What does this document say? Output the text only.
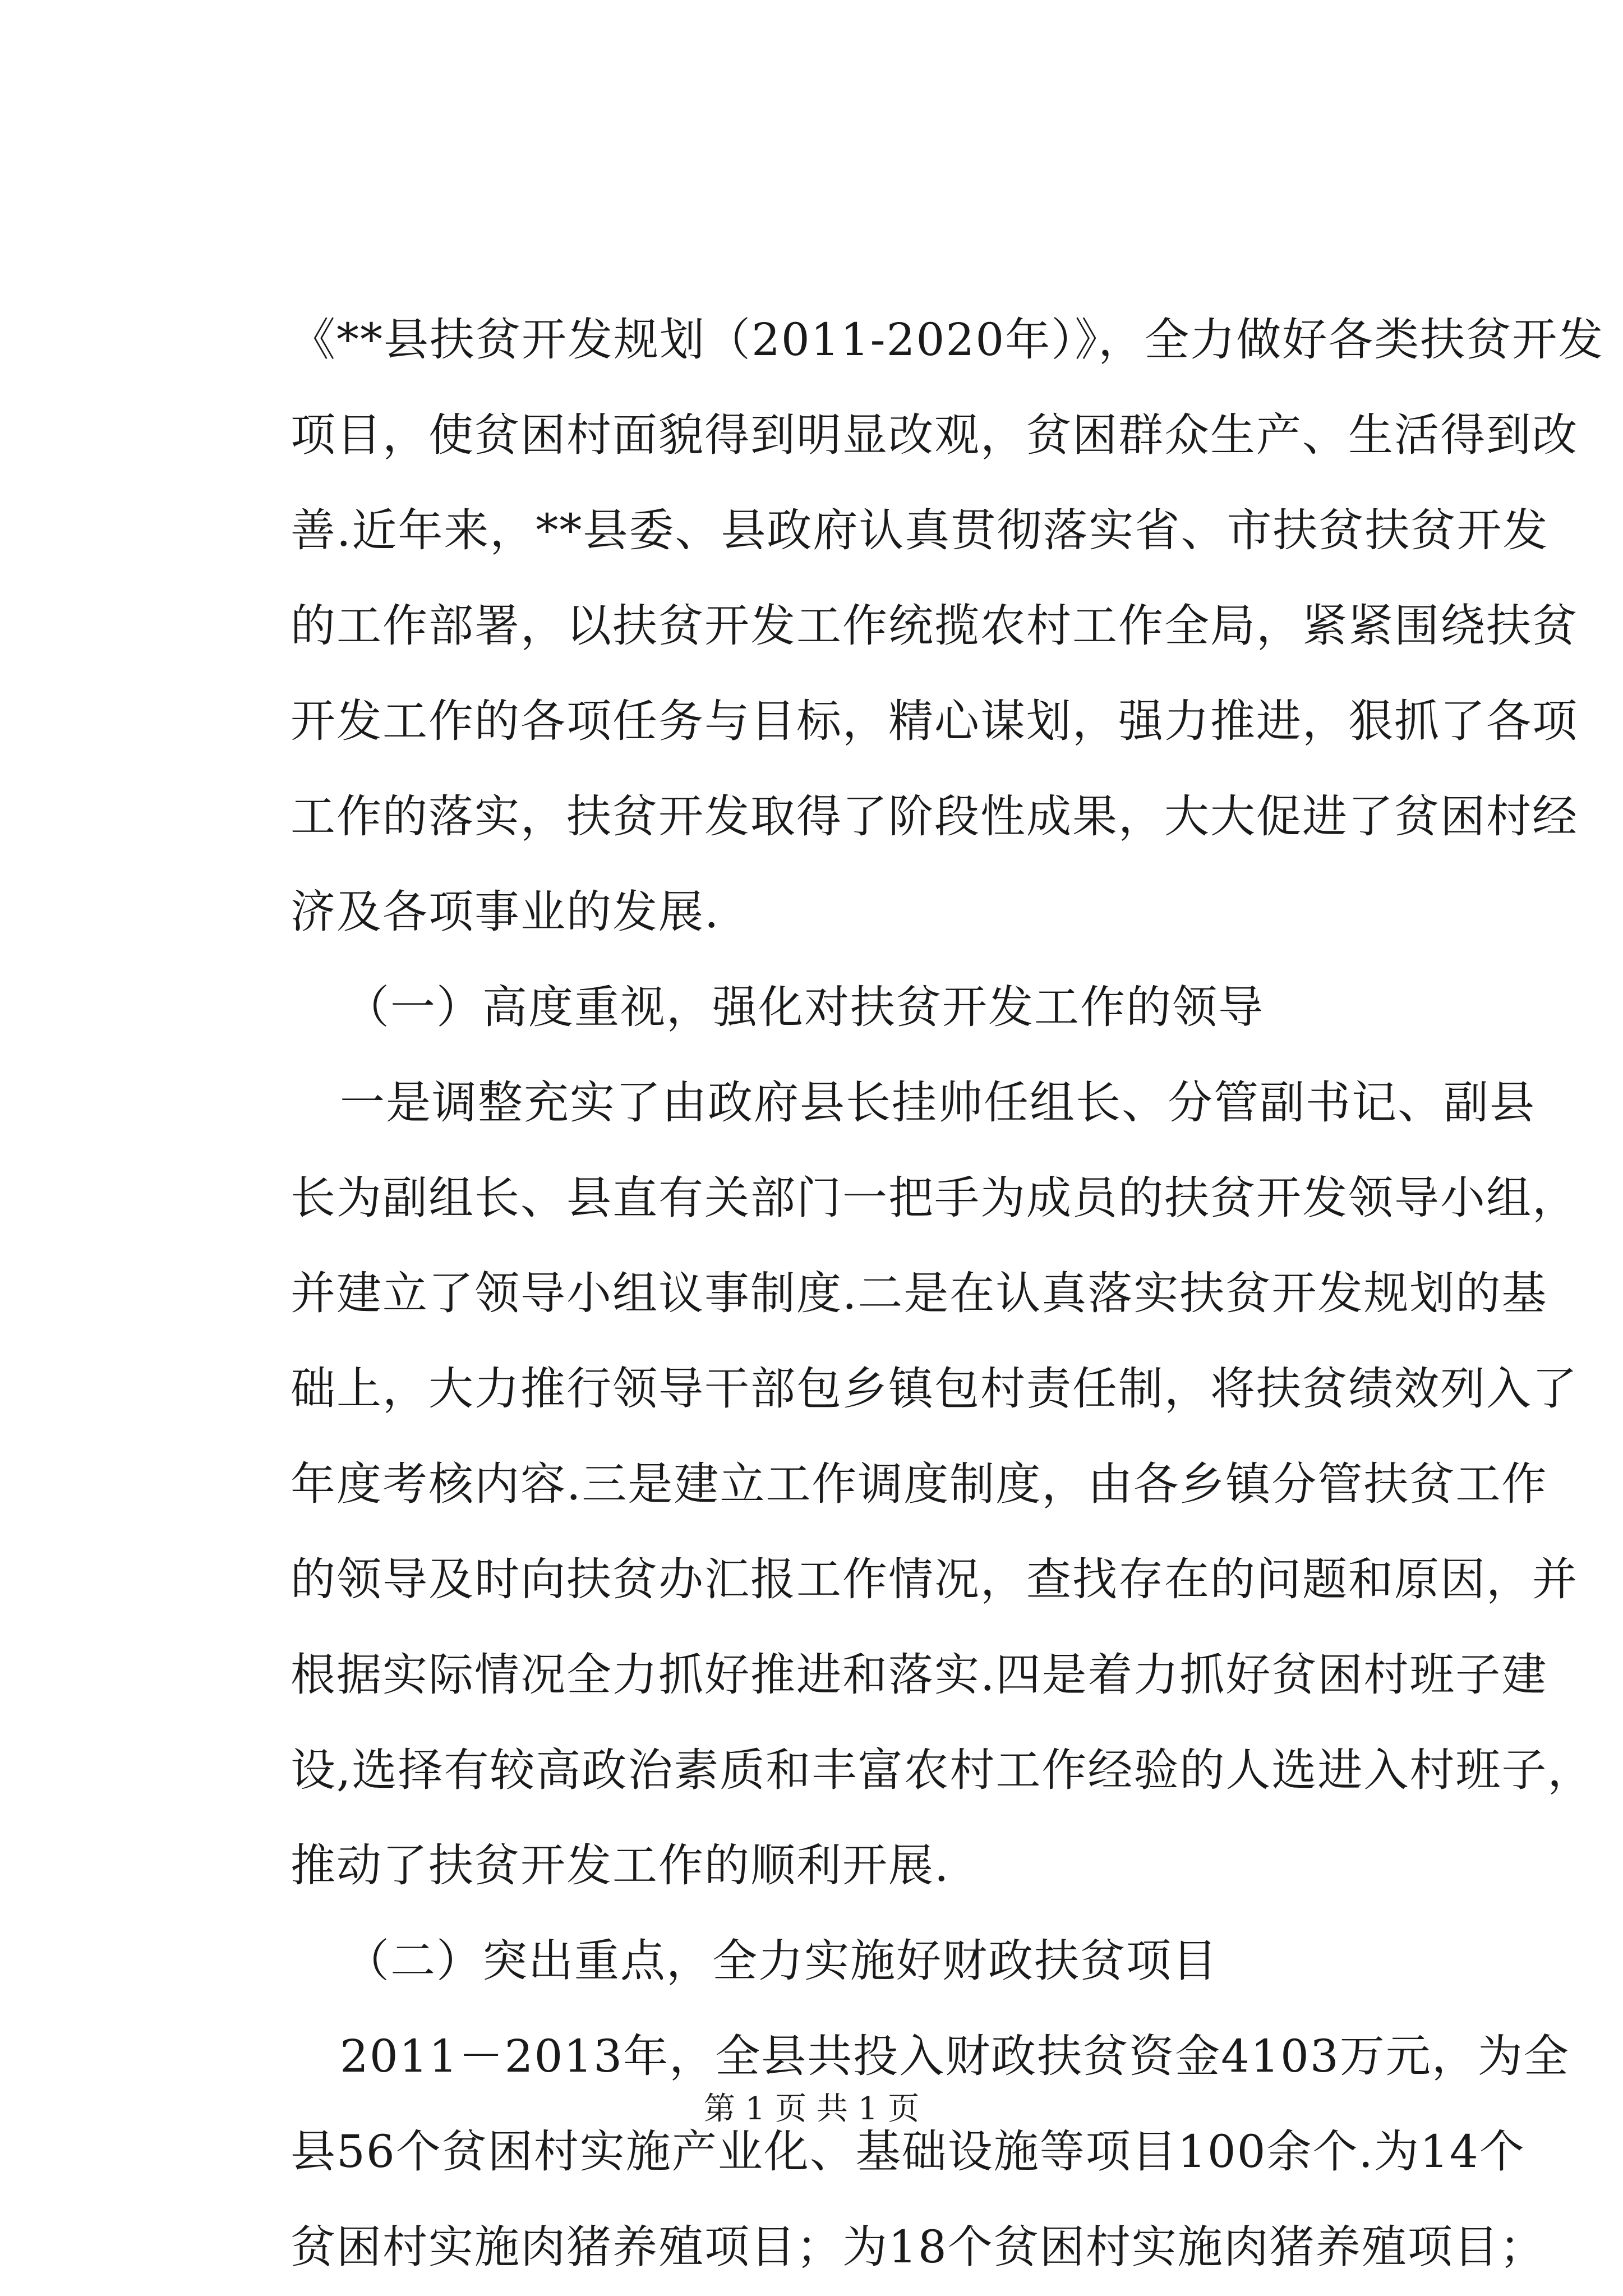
《**县扶贫开发规划（2011-2020年）》，全力做好各类扶贫开发
项目，使贫困村面貌得到明显改观，贫困群众生产、生活得到改
善.近年来，**县委、县政府认真贯彻落实省、市扶贫扶贫开发
的工作部署，以扶贫开发工作统揽农村工作全局，紧紧围绕扶贫
开发工作的各项任务与目标，精心谋划，强力推进，狠抓了各项
工作的落实，扶贫开发取得了阶段性成果，大大促进了贫困村经
济及各项事业的发展.
（一）高度重视，强化对扶贫开发工作的领导
　一是调整充实了由政府县长挂帅任组长、分管副书记、副县
长为副组长、县直有关部门一把手为成员的扶贫开发领导小组，
并建立了领导小组议事制度.二是在认真落实扶贫开发规划的基
础上，大力推行领导干部包乡镇包村责任制，将扶贫绩效列入了
年度考核内容.三是建立工作调度制度，由各乡镇分管扶贫工作
的领导及时向扶贫办汇报工作情况，查找存在的问题和原因，并
根据实际情况全力抓好推进和落实.四是着力抓好贫困村班子建
设,选择有较高政治素质和丰富农村工作经验的人选进入村班子，
推动了扶贫开发工作的顺利开展.
（二）突出重点，全力实施好财政扶贫项目
　2011－2013年，全县共投入财政扶贫资金4103万元，为全
县56个贫困村实施产业化、基础设施等项目100余个.为14个
贫困村实施肉猪养殖项目；为18个贫困村实施肉猪养殖项目；
第 1 页 共 1 页
